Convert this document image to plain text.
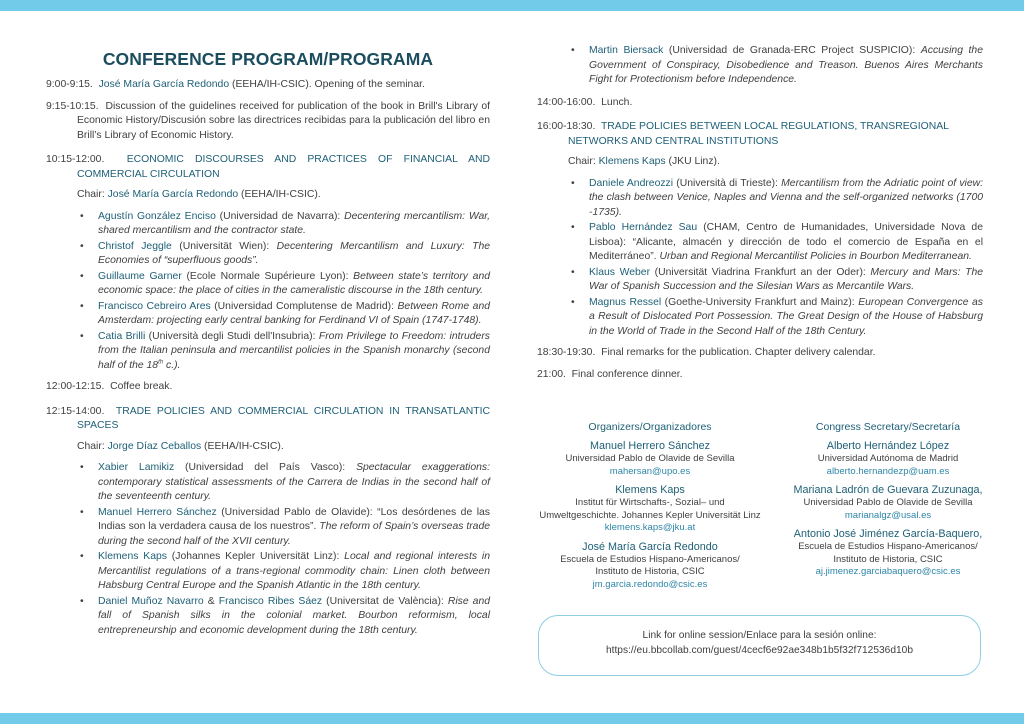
CONFERENCE PROGRAM/PROGRAMA

9:00-9:15. José María García Redondo (EEHA/IH-CSIC). Opening of the seminar.

9:15-10:15. Discussion of the guidelines received for publication of the book in Brill's Library of Economic History/Discusión sobre las directrices recibidas para la publicación del libro en Brill’s Library of Economic History.

10:15-12:00. ECONOMIC DISCOURSES AND PRACTICES OF FINANCIAL AND COMMERCIAL CIRCULATION

Chair: José María García Redondo (EEHA/IH-CSIC).

• Agustín González Enciso (Universidad de Navarra): Decentering mercantilism: War, shared mercantilism and the contractor state.
• Christof Jeggle (Universität Wien): Decentering Mercantilism and Luxury: The Economies of “superfluous goods”.
• Guillaume Garner (Ecole Normale Supérieure Lyon): Between state’s territory and economic space: the place of cities in the cameralistic discourse in the 18th century.
• Francisco Cebreiro Ares (Universidad Complutense de Madrid): Between Rome and Amsterdam: projecting early central banking for Ferdinand VI of Spain (1747-1748).
• Catia Brilli (Università degli Studi dell'Insubria): From Privilege to Freedom: intruders from the Italian peninsula and mercantilist policies in the Spanish monarchy (second half of the 18th c.).

12:00-12:15. Coffee break.

12:15-14:00. TRADE POLICIES AND COMMERCIAL CIRCULATION IN TRANSATLANTIC SPACES

Chair: Jorge Díaz Ceballos (EEHA/IH-CSIC).

• Xabier Lamikiz (Universidad del País Vasco): Spectacular exaggerations: contemporary statistical assessments of the Carrera de Indias in the second half of the seventeenth century.
• Manuel Herrero Sánchez (Universidad Pablo de Olavide): “Los desórdenes de las Indias son la verdadera causa de los nuestros”. The reform of Spain’s overseas trade during the second half of the XVII century.
• Klemens Kaps (Johannes Kepler Universität Linz): Local and regional interests in Mercantilist regulations of a trans-regional commodity chain: Linen cloth between Habsburg Central Europe and the Spanish Atlantic in the 18th century.
• Daniel Muñoz Navarro & Francisco Ribes Sáez (Universitat de València): Rise and fall of Spanish silks in the colonial market. Bourbon reformism, local entrepreneurship and economic development during the 18th century.
• Martin Biersack (Universidad de Granada-ERC Project SUSPICIO): Accusing the Government of Conspiracy, Disobedience and Treason. Buenos Aires Merchants Fight for Protectionism before Independence.

14:00-16:00. Lunch.

16:00-18:30. TRADE POLICIES BETWEEN LOCAL REGULATIONS, TRANSREGIONAL NETWORKS AND CENTRAL INSTITUTIONS

Chair: Klemens Kaps (JKU Linz).

• Daniele Andreozzi (Università di Trieste): Mercantilism from the Adriatic point of view: the clash between Venice, Naples and Vienna and the self-organized networks (1700 -1735).
• Pablo Hernández Sau (CHAM, Centro de Humanidades, Universidade Nova de Lisboa): “Alicante, almacén y dirección de todo el comercio de España en el Mediterráneo”. Urban and Regional Mercantilist Policies in Bourbon Mediterranean.
• Klaus Weber (Universität Viadrina Frankfurt an der Oder): Mercury and Mars: The War of Spanish Succession and the Silesian Wars as Mercantile Wars.
• Magnus Ressel (Goethe-University Frankfurt and Mainz): European Convergence as a Result of Dislocated Port Possession. The Great Design of the House of Habsburg in the World of Trade in the Second Half of the 18th Century.

18:30-19:30. Final remarks for the publication. Chapter delivery calendar.

21:00. Final conference dinner.

Organizers/Organizadores
Manuel Herrero Sánchez
Universidad Pablo de Olavide de Sevilla
mahersan@upo.es
Klemens Kaps
Institut für Wirtschafts-, Sozial– und Umweltgeschichte. Johannes Kepler Universität Linz
klemens.kaps@jku.at
José María García Redondo
Escuela de Estudios Hispano-Americanos/ Instituto de Historia, CSIC
jm.garcia.redondo@csic.es
Congress Secretary/Secretaría
Alberto Hernández López
Universidad Autónoma de Madrid
alberto.hernandezp@uam.es
Mariana Ladrón de Guevara Zuzunaga,
Universidad Pablo de Olavide de Sevilla
marianalgz@usal.es
Antonio José Jiménez García-Baquero,
Escuela de Estudios Hispano-Americanos/ Instituto de Historia, CSIC
aj.jimenez.garciabaquero@csic.es
Link for online session/Enlace para la sesión online:
https://eu.bbcollab.com/guest/4cecf6e92ae348b1b5f32f712536d10b
